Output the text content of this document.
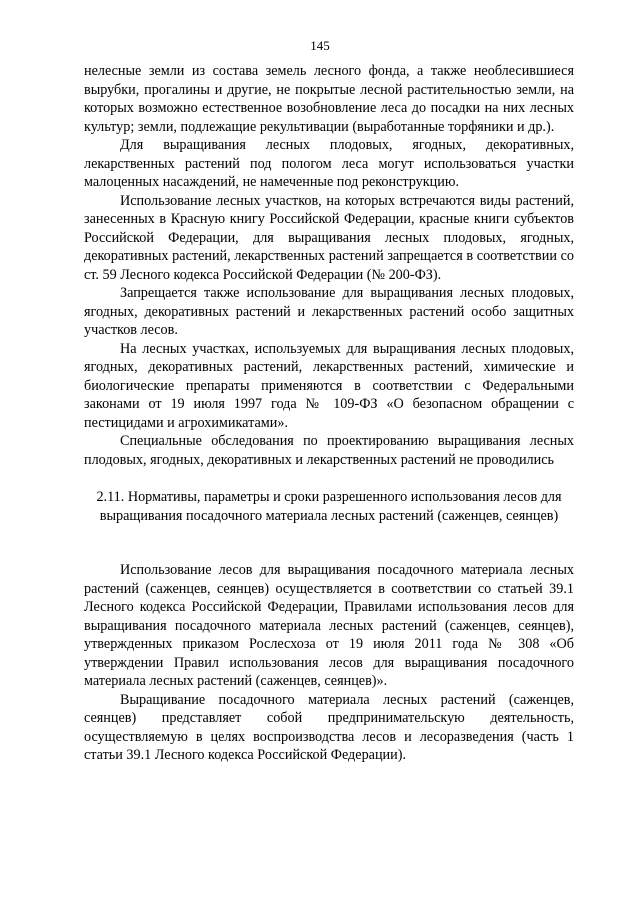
145

нелесные земли из состава земель лесного фонда, а также необлесившиеся вырубки, прогалины и другие, не покрытые лесной растительностью земли, на которых возможно естественное возобновление леса до посадки на них лесных культур; земли, подлежащие рекультивации (выработанные торфяники и др.).

Для выращивания лесных плодовых, ягодных, декоративных, лекарственных растений под пологом леса могут использоваться участки малоценных насаждений, не намеченные под реконструкцию.

Использование лесных участков, на которых встречаются виды растений, занесенных в Красную книгу Российской Федерации, красные книги субъектов Российской Федерации, для выращивания лесных плодовых, ягодных, декоративных растений, лекарственных растений запрещается в соответствии со ст. 59 Лесного кодекса Российской Федерации (№ 200-ФЗ).

Запрещается также использование для выращивания лесных плодовых, ягодных, декоративных растений и лекарственных растений особо защитных участков лесов.

На лесных участках, используемых для выращивания лесных плодовых, ягодных, декоративных растений, лекарственных растений, химические и биологические препараты применяются в соответствии с Федеральными законами от 19 июля 1997 года № 109-ФЗ «О безопасном обращении с пестицидами и агрохимикатами».

Специальные обследования по проектированию выращивания лесных плодовых, ягодных, декоративных и лекарственных растений не проводились

2.11. Нормативы, параметры и сроки разрешенного использования лесов для выращивания посадочного материала лесных растений (саженцев, сеянцев)

Использование лесов для выращивания посадочного материала лесных растений (саженцев, сеянцев) осуществляется в соответствии со статьей 39.1 Лесного кодекса Российской Федерации, Правилами использования лесов для выращивания посадочного материала лесных растений (саженцев, сеянцев), утвержденных приказом Рослесхоза от 19 июля 2011 года № 308 «Об утверждении Правил использования лесов для выращивания посадочного материала лесных растений (саженцев, сеянцев)».

Выращивание посадочного материала лесных растений (саженцев, сеянцев) представляет собой предпринимательскую деятельность, осуществляемую в целях воспроизводства лесов и лесоразведения (часть 1 статьи 39.1 Лесного кодекса Российской Федерации).
